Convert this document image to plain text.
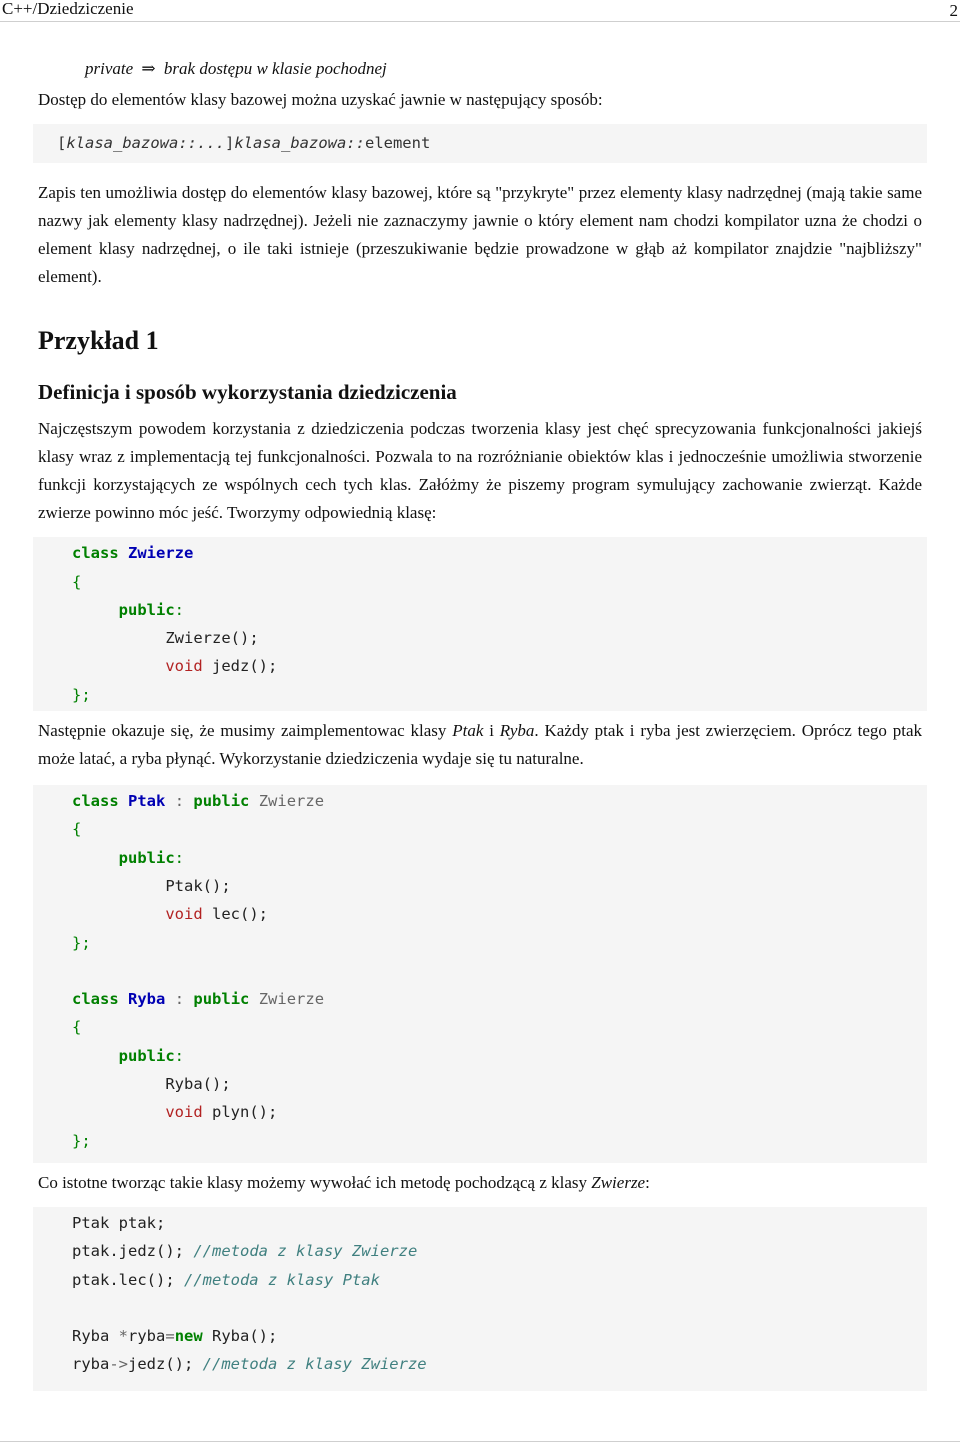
C++/Dziedziczenie	2
private ⇒ brak dostępu w klasie pochodnej

Dostęp do elementów klasy bazowej można uzyskać jawnie w następujący sposób:

[klasa_bazowa::...]klasa_bazowa::element

Zapis ten umożliwia dostęp do elementów klasy bazowej, które są "przykryte" przez elementy klasy nadrzędnej (mają takie same nazwy jak elementy klasy nadrzędnej). Jeżeli nie zaznaczymy jawnie o który element nam chodzi kompilator uzna że chodzi o element klasy nadrzędnej, o ile taki istnieje (przeszukiwanie będzie prowadzone w głąb aż kompilator znajdzie "najbliższy" element).

Przykład 1
Definicja i sposób wykorzystania dziedziczenia

Najczęstszym powodem korzystania z dziedziczenia podczas tworzenia klasy jest chęć sprecyzowania funkcjonalności jakiejś klasy wraz z implementacją tej funkcjonalności. Pozwala to na rozróżnianie obiektów klas i jednocześnie umożliwia stworzenie funkcji korzystających ze wspólnych cech tych klas. Załóżmy że piszemy program symulujący zachowanie zwierząt. Każde zwierze powinno móc jeść. Tworzymy odpowiednią klasę:

class Zwierze
{
public:
Zwierze();
void jedz();
};

Następnie okazuje się, że musimy zaimplementowac klasy Ptak i Ryba. Każdy ptak i ryba jest zwierzęciem. Oprócz tego ptak może latać, a ryba płynąć. Wykorzystanie dziedziczenia wydaje się tu naturalne.

class Ptak : public Zwierze
{
public:
Ptak();
void lec();
};
class Ryba : public Zwierze
{
public:
Ryba();
void plyn();
};

Co istotne tworząc takie klasy możemy wywołać ich metodę pochodzącą z klasy Zwierze:

Ptak ptak;
ptak.jedz(); //metoda z klasy Zwierze
ptak.lec(); //metoda z klasy Ptak
Ryba *ryba=new Ryba();
ryba->jedz(); //metoda z klasy Zwierze
